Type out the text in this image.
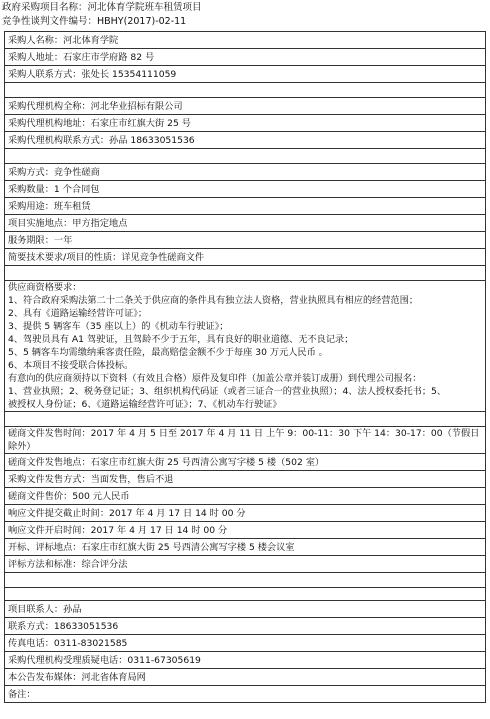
政府采购项目名称：河北体育学院班车租赁项目
竞争性谈判文件编号：HBHY(2017)-02-11
采购人名称：河北体育学院
采购人地址：石家庄市学府路 82 号
采购人联系方式：张处长 15354111059

采购代理机构全称：河北华业招标有限公司
采购代理机构地址：石家庄市红旗大街 25 号
采购代理机构联系方式：孙品 18633051536

采购方式：竞争性磋商
采购数量：1 个合同包
采购用途：班车租赁
项目实施地点：甲方指定地点
服务期限：一年
简要技术要求/项目的性质：详见竞争性磋商文件

供应商资格要求：
1、符合政府采购法第二十二条关于供应商的条件具有独立法人资格，营业执照具有相应的经营范围；
2、具有《道路运输经营许可证》；
3、提供 5 辆客车（35 座以上）的《机动车行驶证》；
4、驾驶员具有 A1 驾驶证，且驾龄不少于五年，具有良好的职业道德、无不良记录；
5、5 辆客车均需缴纳乘客责任险，最高赔偿金额不少于每座 30 万元人民币 。
6、本项目不接受联合体投标。
有意向的供应商须持以下资料（有效且合格）原件及复印件（加盖公章并装订成册）到代理公司报名：
1、营业执照；2、税务登记证；3、组织机构代码证（或者三证合一的营业执照）；4、法人授权委托书；5、
被授权人身份证；6、《道路运输经营许可证》；7、《机动车行驶证》

磋商文件发售时间：2017 年 4 月 5 日至 2017 年 4 月 11 日 上午 9：00-11：30 下午 14：30-17：00（节假日除外）
磋商文件发售地点：石家庄市红旗大街 25 号西清公寓写字楼 5 楼（502 室）
采购文件发售方式：当面发售，售后不退
磋商文件售价：500 元人民币
响应文件提交截止时间：2017 年 4 月 17 日 14 时 00 分
响应文件开启时间：2017 年 4 月 17 日 14 时 00 分
开标、评标地点：石家庄市红旗大街 25 号西清公寓写字楼 5 楼会议室
评标方法和标准：综合评分法

项目联系人：孙品
联系方式：18633051536
传真电话：0311-83021585
采购代理机构受理质疑电话：0311-67305619
本公告发布媒体：河北省体育局网
备注：
